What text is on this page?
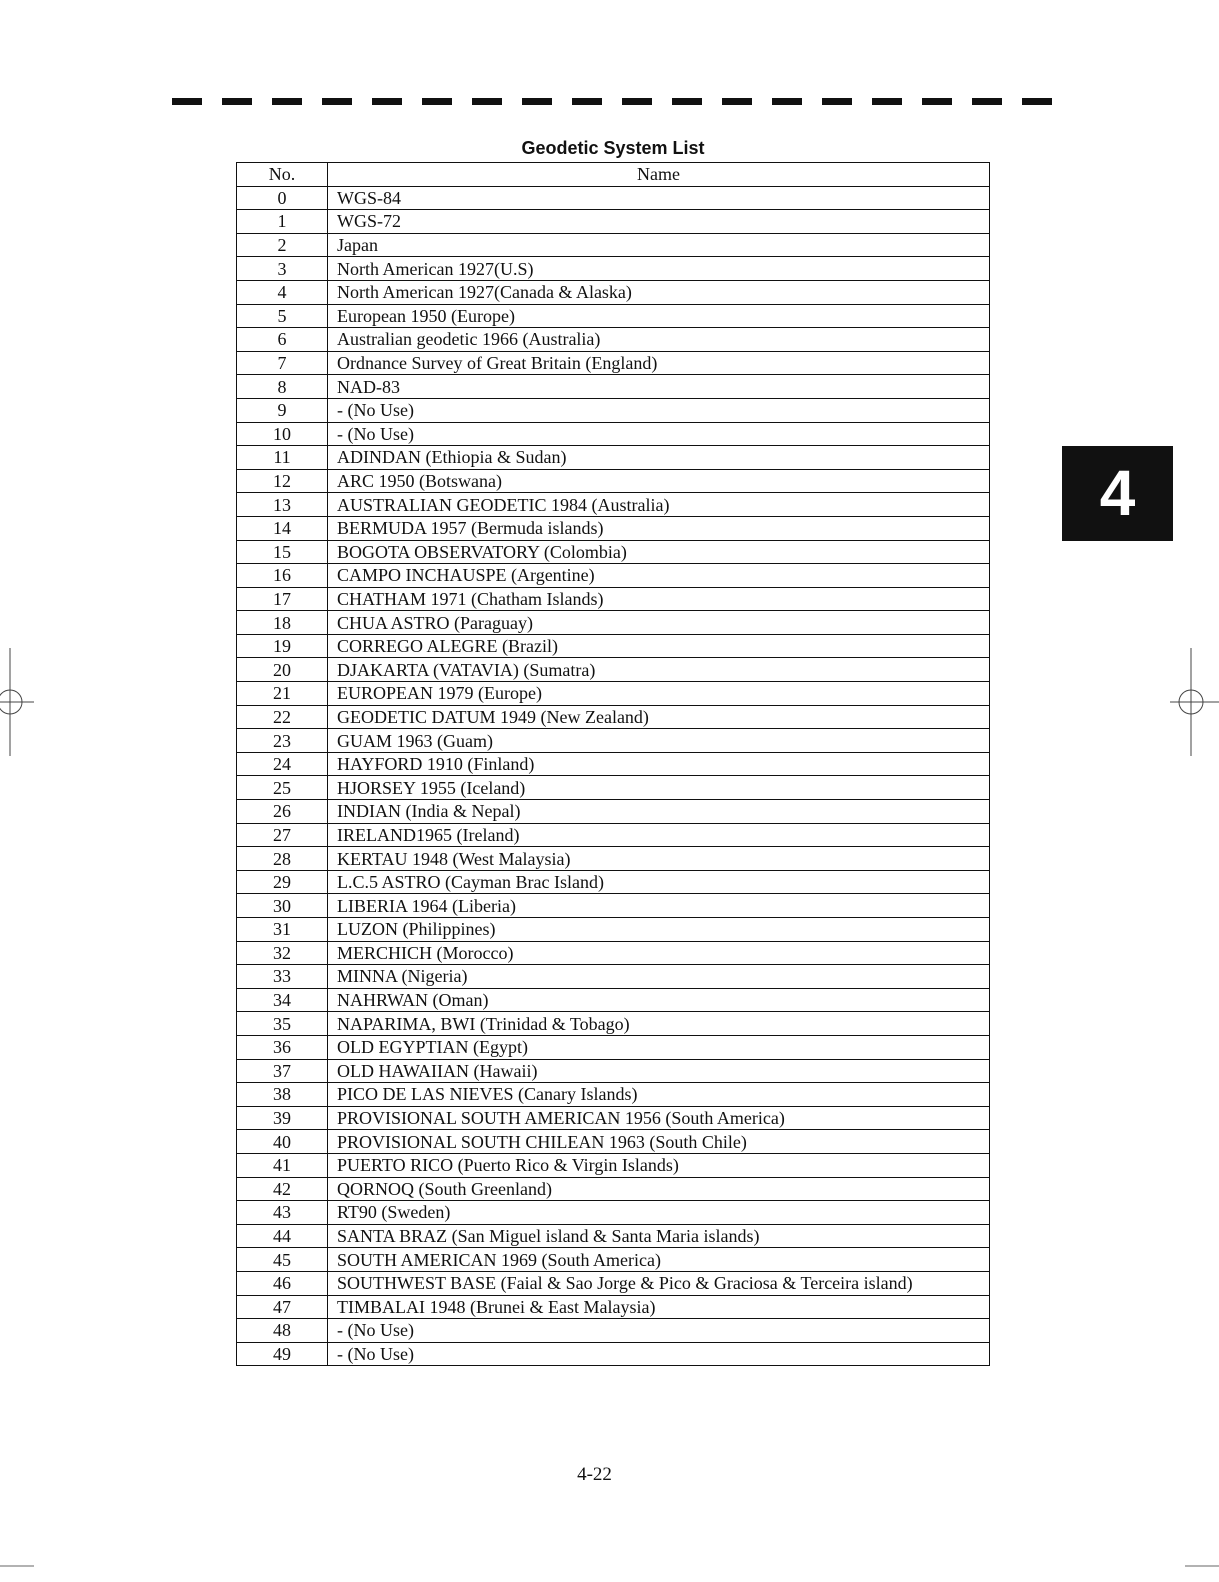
Geodetic System List
No.	Name
0	WGS-84
1	WGS-72
2	Japan
3	North American 1927(U.S)
4	North American 1927(Canada & Alaska)
5	European 1950 (Europe)
6	Australian geodetic 1966 (Australia)
7	Ordnance Survey of Great Britain (England)
8	NAD-83
9	- (No Use)
10	- (No Use)
11	ADINDAN (Ethiopia & Sudan)
12	ARC 1950 (Botswana)
13	AUSTRALIAN GEODETIC 1984 (Australia)
14	BERMUDA 1957 (Bermuda islands)
15	BOGOTA OBSERVATORY (Colombia)
16	CAMPO INCHAUSPE (Argentine)
17	CHATHAM 1971 (Chatham Islands)
18	CHUA ASTRO (Paraguay)
19	CORREGO ALEGRE (Brazil)
20	DJAKARTA (VATAVIA) (Sumatra)
21	EUROPEAN 1979 (Europe)
22	GEODETIC DATUM 1949 (New Zealand)
23	GUAM 1963 (Guam)
24	HAYFORD 1910 (Finland)
25	HJORSEY 1955 (Iceland)
26	INDIAN (India & Nepal)
27	IRELAND1965 (Ireland)
28	KERTAU 1948 (West Malaysia)
29	L.C.5 ASTRO (Cayman Brac Island)
30	LIBERIA 1964 (Liberia)
31	LUZON (Philippines)
32	MERCHICH (Morocco)
33	MINNA (Nigeria)
34	NAHRWAN (Oman)
35	NAPARIMA, BWI (Trinidad & Tobago)
36	OLD EGYPTIAN (Egypt)
37	OLD HAWAIIAN (Hawaii)
38	PICO DE LAS NIEVES (Canary Islands)
39	PROVISIONAL SOUTH AMERICAN 1956 (South America)
40	PROVISIONAL SOUTH CHILEAN 1963 (South Chile)
41	PUERTO RICO (Puerto Rico & Virgin Islands)
42	QORNOQ (South Greenland)
43	RT90 (Sweden)
44	SANTA BRAZ (San Miguel island & Santa Maria islands)
45	SOUTH AMERICAN 1969 (South America)
46	SOUTHWEST BASE (Faial & Sao Jorge & Pico & Graciosa & Terceira island)
47	TIMBALAI 1948 (Brunei & East Malaysia)
48	- (No Use)
49	- (No Use)
4
4-22
